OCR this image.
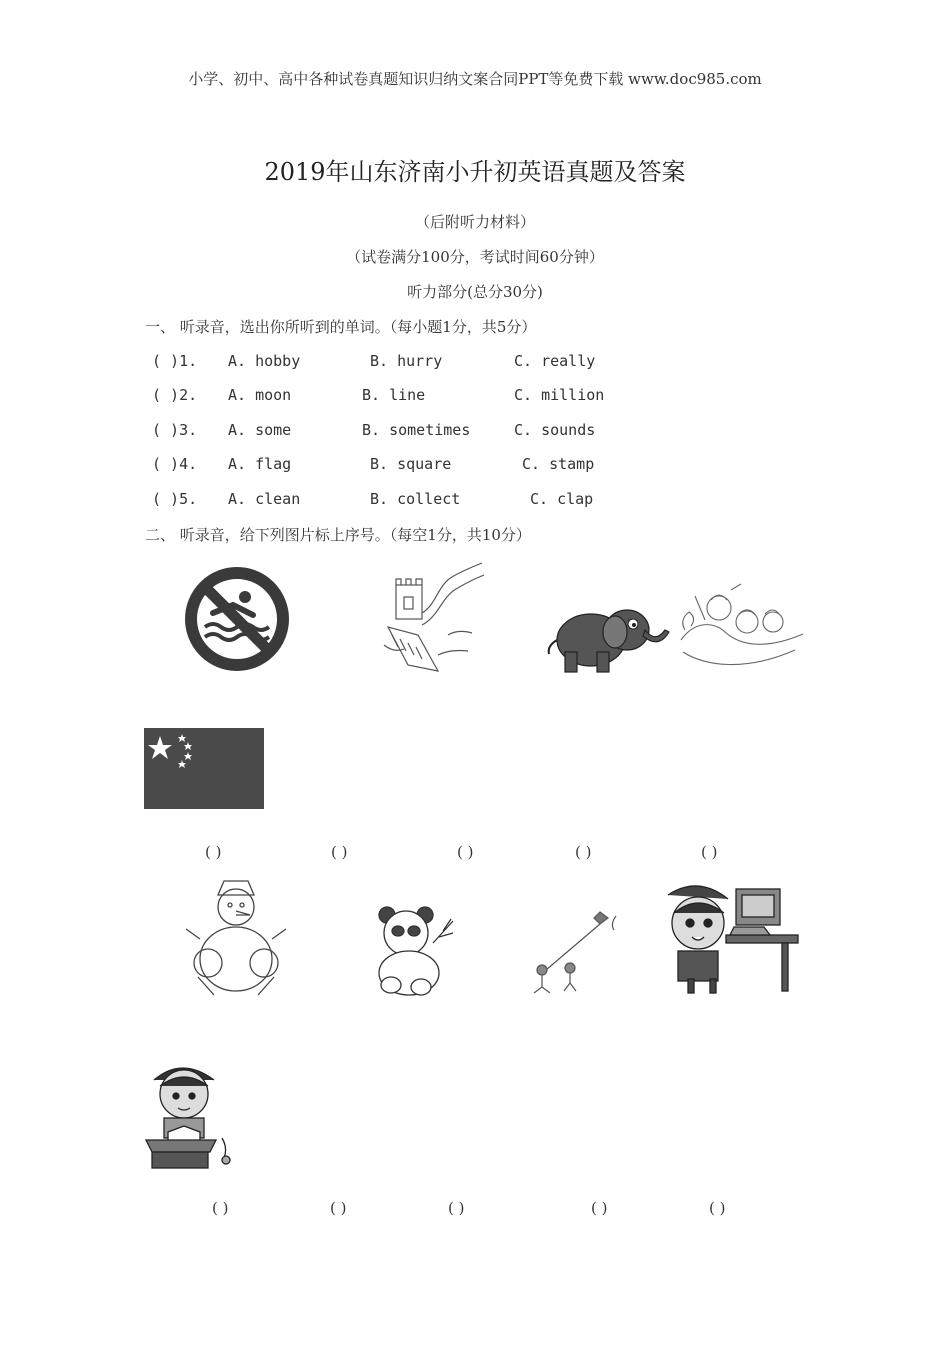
小学、初中、高中各种试卷真题知识归纳文案合同PPT等免费下载 www.doc985.com
2019年山东济南小升初英语真题及答案
（后附听力材料）
（试卷满分100分，考试时间60分钟）
听力部分(总分30分)
一、 听录音，选出你所听到的单词。（每小题1分，共5分）
( )1. A. hobby	B. hurry	C. really
( )2. A. moon	B. line	C. million
( )3. A. some	B. sometimes	C. sounds
( )4. A. flag	B. square	C. stamp
( )5. A. clean	B. collect	C. clap
二、 听录音，给下列图片标上序号。（每空1分，共10分）
( )	( )	( )	( )	( )
( )	( )	( )	( )	( )
